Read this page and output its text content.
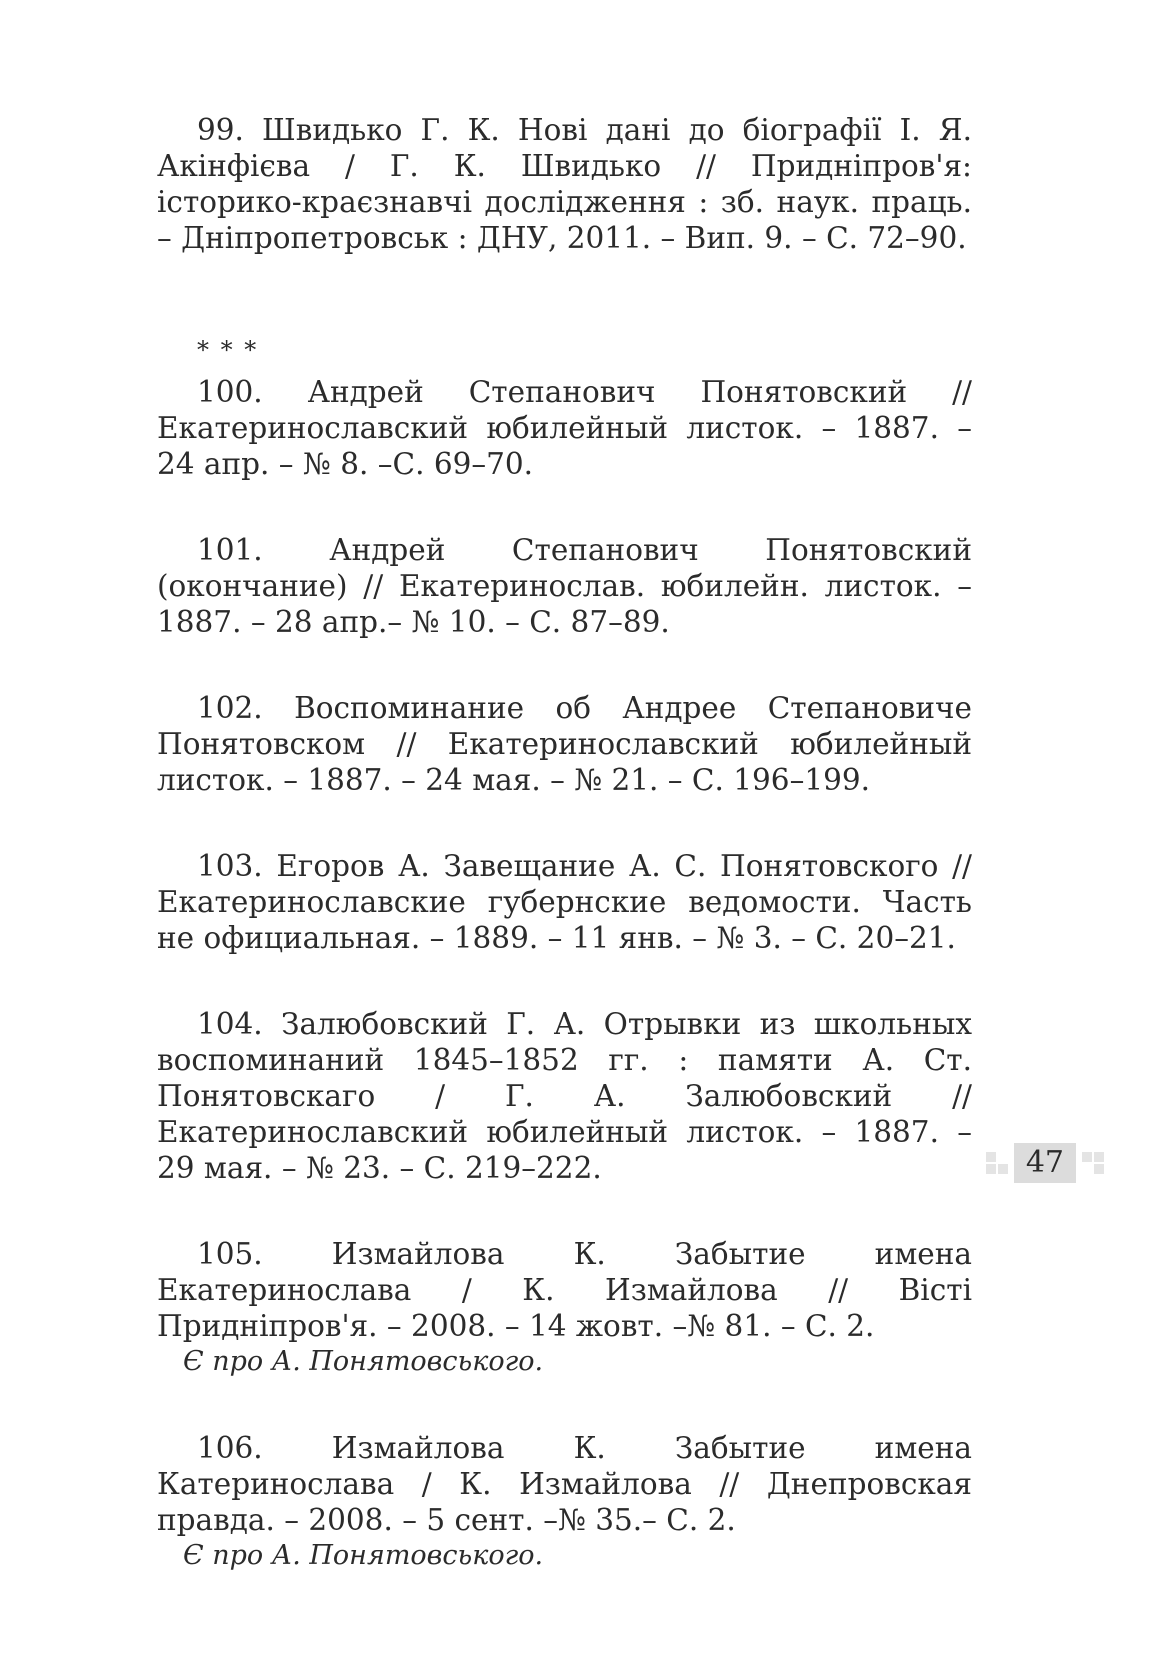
99. Швидько Г. К. Нові дані до біографії І. Я. Акінфієва / Г. К. Швидько // Придніпров'я: історико-краєзнавчі дослідження : зб. наук. праць. – Дніпропетровськ : ДНУ, 2011. – Вип. 9. – С. 72–90.

* * *

100. Андрей Степанович Понятовский // Екатеринославский юбилейный листок. – 1887. – 24 апр. – № 8. –С. 69–70.

101. Андрей Степанович Понятовский (окончание) // Екатеринослав. юбилейн. листок. – 1887. – 28 апр.– № 10. – С. 87–89.

102. Воспоминание об Андрее Степановиче Понятовском // Екатеринославский юбилейный листок. – 1887. – 24 мая. – № 21. – С. 196–199.

103. Егоров А. Завещание А. С. Понятовского // Екатеринославские губернские ведомости. Часть не официальная. – 1889. – 11 янв. – № 3. – С. 20–21.

104. Залюбовский Г. А. Отрывки из школьных воспоминаний 1845–1852 гг. : памяти А. Ст. Понятовскаго / Г. А. Залюбовский // Екатеринославский юбилейный листок. – 1887. – 29 мая. – № 23. – С. 219–222.

105. Измайлова К. Забытие имена Екатеринослава / К. Измайлова // Вісті Придніпров'я. – 2008. – 14 жовт. –№ 81. – С. 2.

Є про А. Понятовського.

106. Измайлова К. Забытие имена Катеринослава / К. Измайлова // Днепровская правда. – 2008. – 5 сент. –№ 35.– С. 2.

Є про А. Понятовського.

47
